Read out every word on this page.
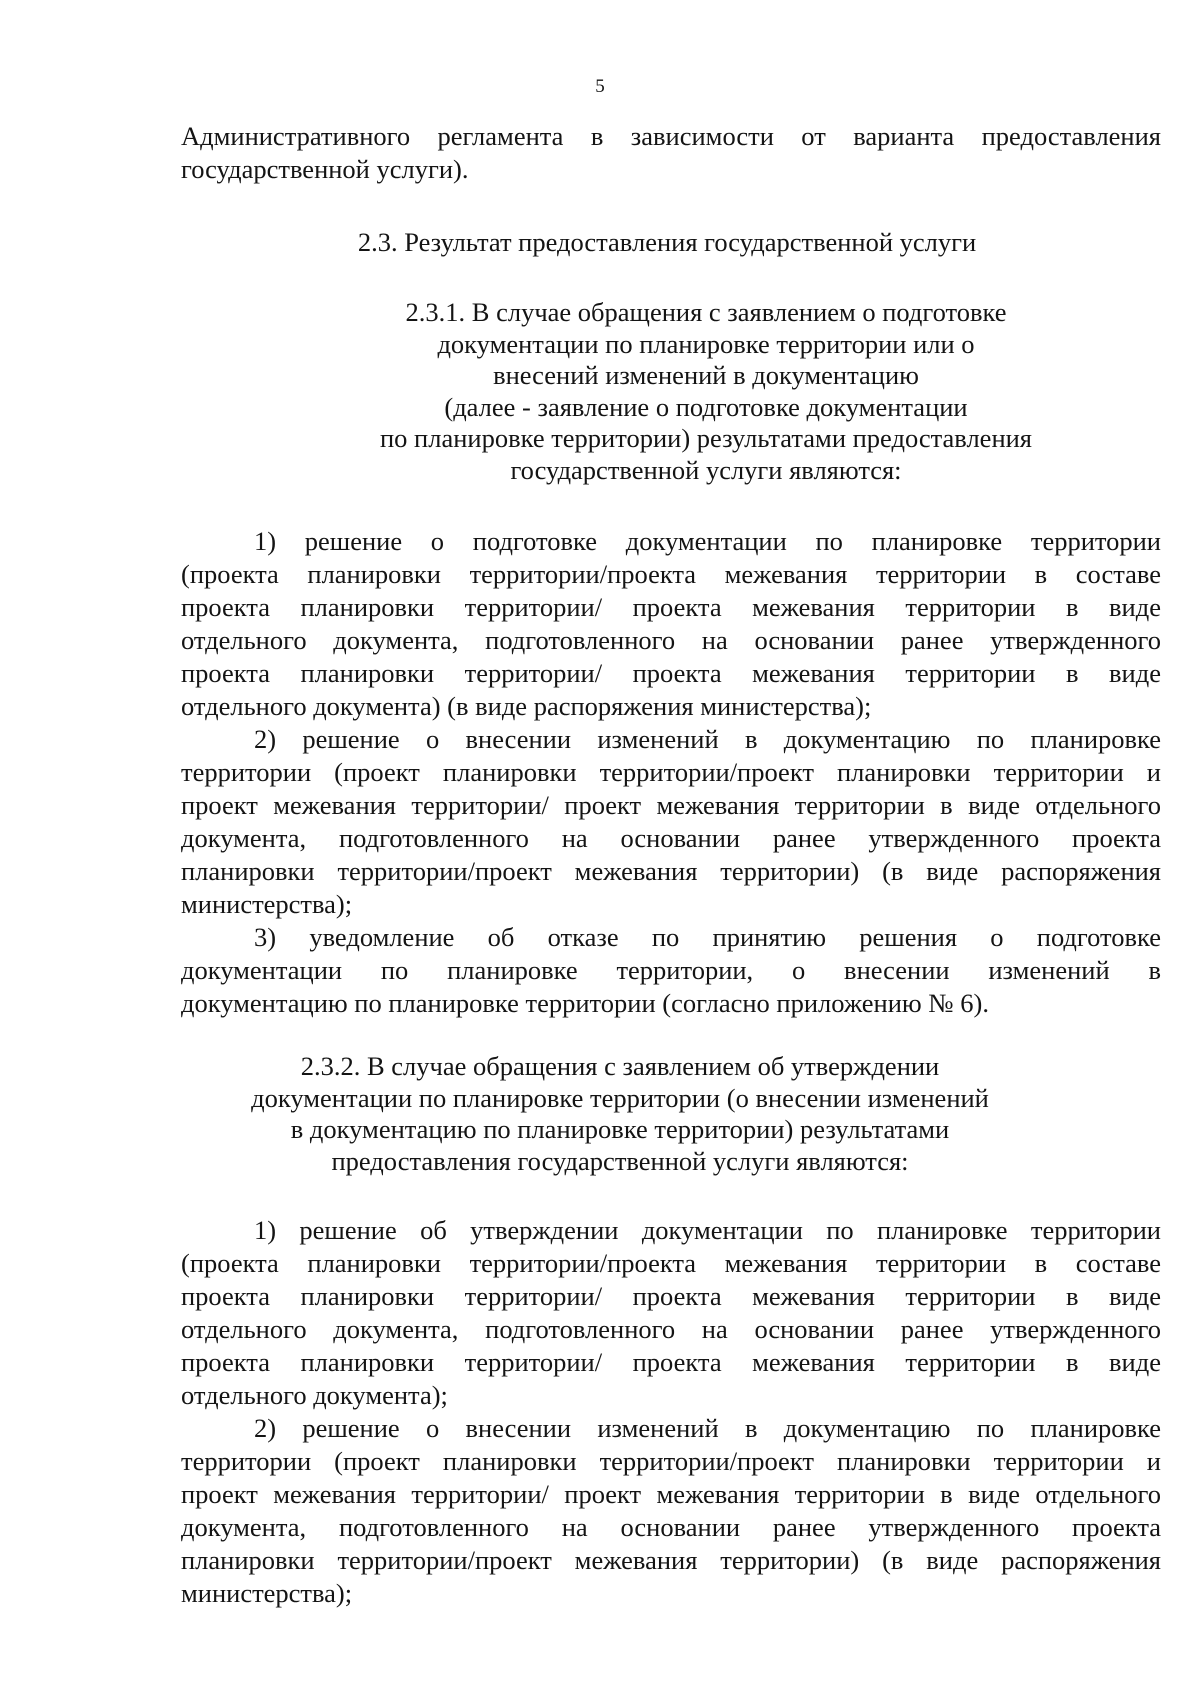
5
Административного регламента в зависимости от варианта предоставления
государственной услуги).
2.3. Результат предоставления государственной услуги
2.3.1. В случае обращения с заявлением о подготовке
документации по планировке территории или о
внесений изменений в документацию
(далее - заявление о подготовке документации
по планировке территории) результатами предоставления
государственной услуги являются:
1) решение о подготовке документации по планировке территории
(проекта планировки территории/проекта межевания территории в составе
проекта планировки территории/ проекта межевания территории в виде
отдельного документа, подготовленного на основании ранее утвержденного
проекта планировки территории/ проекта межевания территории в виде
отдельного документа) (в виде распоряжения министерства);
2) решение о внесении изменений в документацию по планировке
территории (проект планировки территории/проект планировки территории и
проект межевания территории/ проект межевания территории в виде отдельного
документа, подготовленного на основании ранее утвержденного проекта
планировки территории/проект межевания территории) (в виде распоряжения
министерства);
3) уведомление об отказе по принятию решения о подготовке
документации по планировке территории, о внесении изменений в
документацию по планировке территории (согласно приложению № 6).
2.3.2. В случае обращения с заявлением об утверждении
документации по планировке территории (о внесении изменений
в документацию по планировке территории) результатами
предоставления государственной услуги являются:
1) решение об утверждении документации по планировке территории
(проекта планировки территории/проекта межевания территории в составе
проекта планировки территории/ проекта межевания территории в виде
отдельного документа, подготовленного на основании ранее утвержденного
проекта планировки территории/ проекта межевания территории в виде
отдельного документа);
2) решение о внесении изменений в документацию по планировке
территории (проект планировки территории/проект планировки территории и
проект межевания территории/ проект межевания территории в виде отдельного
документа, подготовленного на основании ранее утвержденного проекта
планировки территории/проект межевания территории) (в виде распоряжения
министерства);
